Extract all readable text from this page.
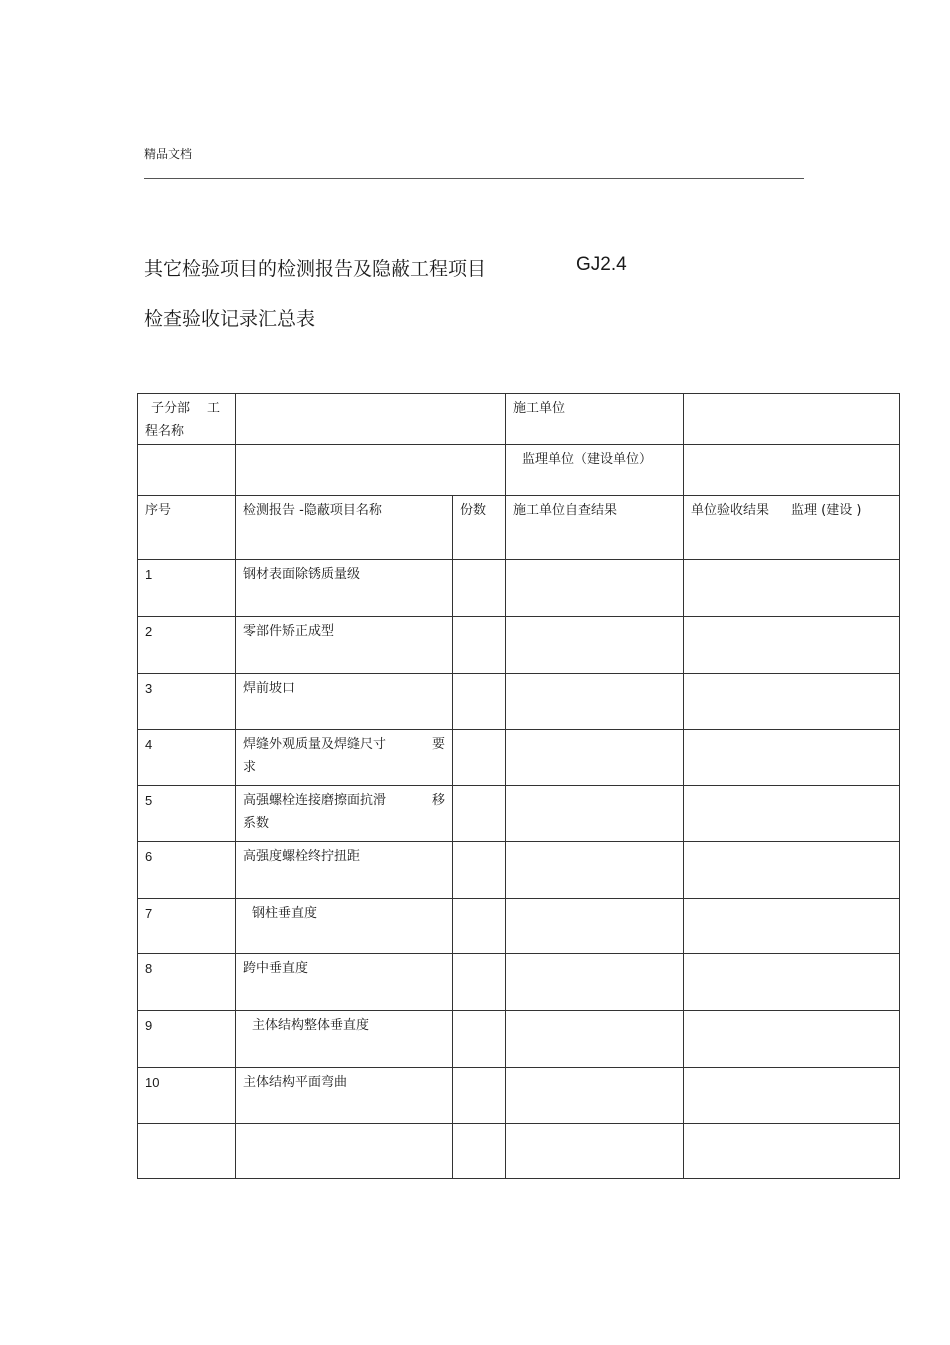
精品文档
其它检验项目的检测报告及隐蔽工程项目	GJ2.4
检查验收记录汇总表
子分部 工
程名称			施工单位	
			监理单位（建设单位）	
序号	检测报告 -隐蔽项目名称	份数	施工单位自查结果	单位验收结果 监理 (建设 )
1	钢材表面除锈质量级			
2	零部件矫正成型			
3	焊前坡口			
4	焊缝外观质量及焊缝尺寸 要
求			

5	高强螺栓连接磨擦面抗滑 移
系数			

6	高强度螺栓终拧扭距			
7	钢柱垂直度			
8	跨中垂直度			
9	主体结构整体垂直度			
10	主体结构平面弯曲			
